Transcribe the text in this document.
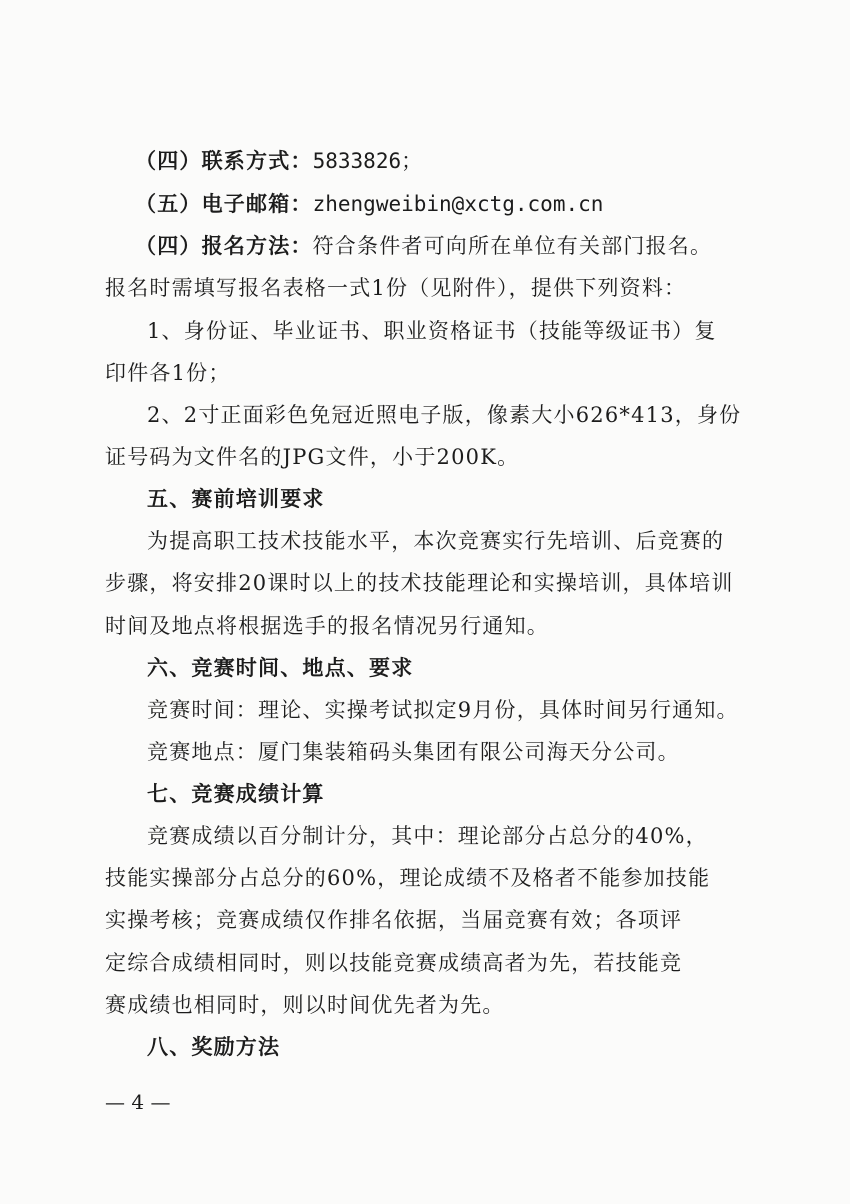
（四）联系方式：5833826；
（五）电子邮箱：zhengweibin@xctg.com.cn
（四）报名方法：符合条件者可向所在单位有关部门报名。
报名时需填写报名表格一式1份（见附件），提供下列资料：
1、身份证、毕业证书、职业资格证书（技能等级证书）复
印件各1份；
2、2寸正面彩色免冠近照电子版，像素大小626*413，身份
证号码为文件名的JPG文件，小于200K。
五、赛前培训要求
为提高职工技术技能水平，本次竞赛实行先培训、后竞赛的
步骤，将安排20课时以上的技术技能理论和实操培训，具体培训
时间及地点将根据选手的报名情况另行通知。
六、竞赛时间、地点、要求
竞赛时间：理论、实操考试拟定9月份，具体时间另行通知。
竞赛地点：厦门集装箱码头集团有限公司海天分公司。
七、竞赛成绩计算
竞赛成绩以百分制计分，其中：理论部分占总分的40%，
技能实操部分占总分的60%，理论成绩不及格者不能参加技能
实操考核；竞赛成绩仅作排名依据，当届竞赛有效；各项评
定综合成绩相同时，则以技能竞赛成绩高者为先，若技能竞
赛成绩也相同时，则以时间优先者为先。
八、奖励方法
— 4 —
